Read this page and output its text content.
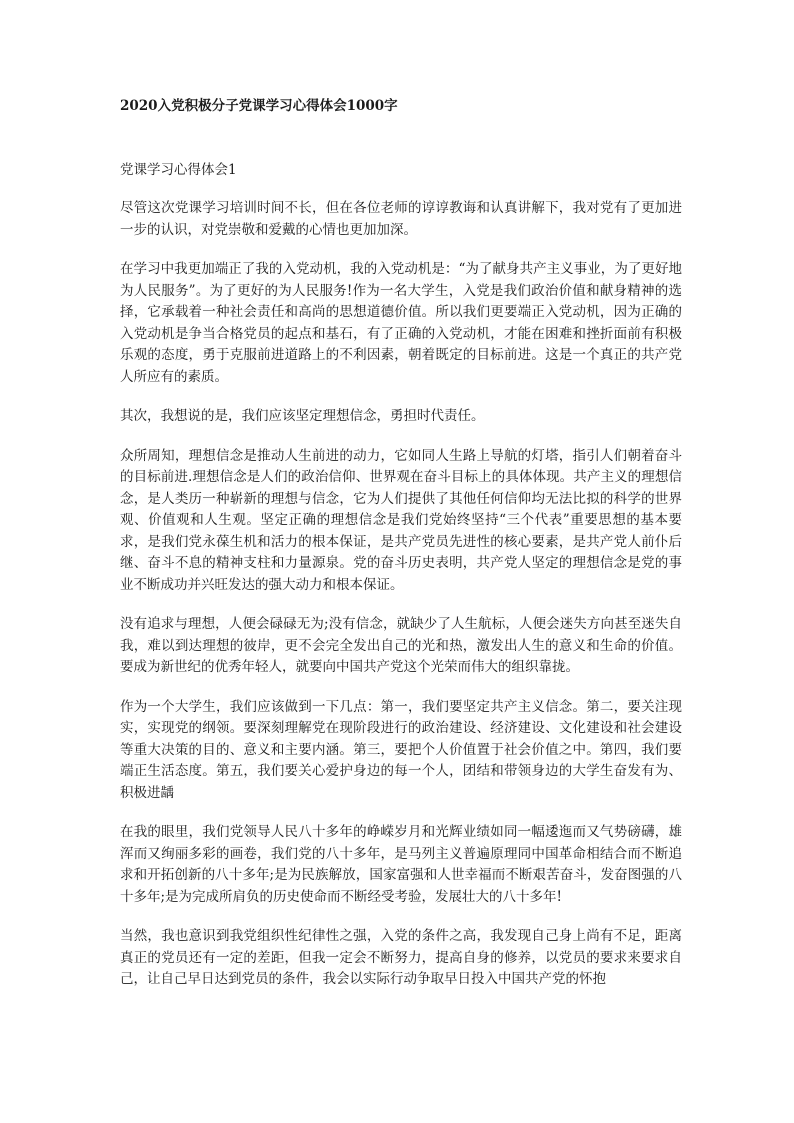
2020入党积极分子党课学习心得体会1000字
党课学习心得体会1

尽管这次党课学习培训时间不长，但在各位老师的谆谆教诲和认真讲解下，我对党有了更加进一步的认识，对党崇敬和爱戴的心情也更加加深。

在学习中我更加端正了我的入党动机，我的入党动机是：“为了献身共产主义事业，为了更好地为人民服务”。为了更好的为人民服务!作为一名大学生，入党是我们政治价值和献身精神的选择，它承载着一种社会责任和高尚的思想道德价值。所以我们更要端正入党动机，因为正确的入党动机是争当合格党员的起点和基石，有了正确的入党动机，才能在困难和挫折面前有积极乐观的态度，勇于克服前进道路上的不利因素，朝着既定的目标前进。这是一个真正的共产党人所应有的素质。

其次，我想说的是，我们应该坚定理想信念，勇担时代责任。

众所周知，理想信念是推动人生前进的动力，它如同人生路上导航的灯塔，指引人们朝着奋斗的目标前进.理想信念是人们的政治信仰、世界观在奋斗目标上的具体体现。共产主义的理想信念，是人类历一种崭新的理想与信念，它为人们提供了其他任何信仰均无法比拟的科学的世界观、价值观和人生观。坚定正确的理想信念是我们党始终坚持“三个代表”重要思想的基本要求，是我们党永葆生机和活力的根本保证，是共产党员先进性的核心要素，是共产党人前仆后继、奋斗不息的精神支柱和力量源泉。党的奋斗历史表明，共产党人坚定的理想信念是党的事业不断成功并兴旺发达的强大动力和根本保证。

没有追求与理想，人便会碌碌无为;没有信念，就缺少了人生航标，人便会迷失方向甚至迷失自我，难以到达理想的彼岸，更不会完全发出自己的光和热，激发出人生的意义和生命的价值。要成为新世纪的优秀年轻人，就要向中国共产党这个光荣而伟大的组织靠拢。

作为一个大学生，我们应该做到一下几点：第一，我们要坚定共产主义信念。第二，要关注现实，实现党的纲领。要深刻理解党在现阶段进行的政治建设、经济建设、文化建设和社会建设等重大决策的目的、意义和主要内涵。第三，要把个人价值置于社会价值之中。第四，我们要端正生活态度。第五，我们要关心爱护身边的每一个人，团结和带领身边的大学生奋发有为、积极进龋

在我的眼里，我们党领导人民八十多年的峥嵘岁月和光辉业绩如同一幅逶迤而又气势磅礴，雄浑而又绚丽多彩的画卷，我们党的八十多年，是马列主义普遍原理同中国革命相结合而不断追求和开拓创新的八十多年;是为民族解放，国家富强和人世幸福而不断艰苦奋斗，发奋图强的八十多年;是为完成所肩负的历史使命而不断经受考验，发展壮大的八十多年!

当然，我也意识到我党组织性纪律性之强，入党的条件之高，我发现自己身上尚有不足，距离真正的党员还有一定的差距，但我一定会不断努力，提高自身的修养，以党员的要求来要求自己，让自己早日达到党员的条件，我会以实际行动争取早日投入中国共产党的怀抱
